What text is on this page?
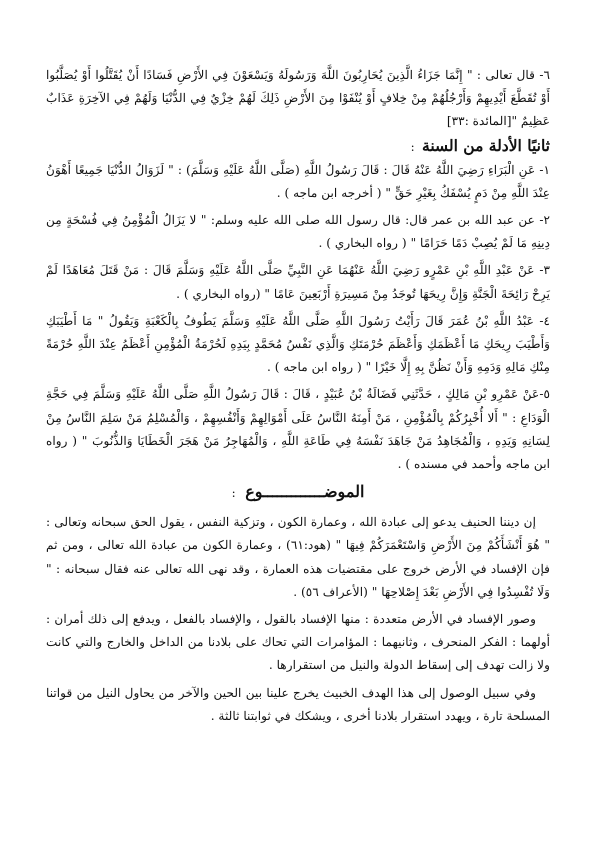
٦- قال تعالى : " إِنَّمَا جَزَاءُ الَّذِينَ يُحَارِبُونَ اللَّهَ وَرَسُولَهُ وَيَسْعَوْنَ فِي الأَرْضِ فَسَادًا أَنْ يُقَتَّلُوا أَوْ يُصَلَّبُوا أَوْ تُقَطَّعَ أَيْدِيهِمْ وَأَرْجُلُهُمْ مِنْ خِلافٍ أَوْ يُنْفَوْا مِنَ الأَرْضِ ذَلِكَ لَهُمْ خِزْيٌ فِي الدُّنْيَا وَلَهُمْ فِي الآخِرَةِ عَذَابٌ عَظِيمٌ "[المائدة :٣٣]

ثانيًا الأدلة من السنة :

١- عَنِ الْبَرَاءِ رَضِيَ اللَّهُ عَنْهُ قَالَ : قَالَ رَسُولُ اللَّهِ (صَلَّى اللَّهُ عَلَيْهِ وَسَلَّمَ) : " لَزَوَالُ الدُّنْيَا جَمِيعًا أَهْوَنُ عِنْدَ اللَّهِ مِنْ دَمٍ يُسْفَكُ بِغَيْرِ حَقٍّ " ( أخرجه ابن ماجه ) .

٢- عن عبد الله بن عمر قال: قال رسول الله صلى الله عليه وسلم: " لا يَزَالُ الْمُؤْمِنُ فِي فُسْحَةٍ مِن دِينِهِ مَا لَمْ يُصِبْ دَمًا حَرَامًا " ( رواه البخاري ) .

٣- عَنْ عَبْدِ اللَّهِ بْنِ عَمْرٍو رَضِيَ اللَّهُ عَنْهُمَا عَنِ النَّبِيِّ صَلَّى اللَّهُ عَلَيْهِ وَسَلَّمَ قَالَ : مَنْ قَتَلَ مُعَاهَدًا لَمْ يَرِحْ رَائِحَةَ الْجَنَّةِ وَإِنَّ رِيحَهَا تُوجَدُ مِنْ مَسِيرَةِ أَرْبَعِينَ عَامًا " (رواه البخاري ) .

٤- عَبْدُ اللَّهِ بْنُ عُمَرَ قَالَ رَأَيْتُ رَسُولَ اللَّهِ صَلَّى اللَّهُ عَلَيْهِ وَسَلَّمَ يَطُوفُ بِالْكَعْبَةِ وَيَقُولُ " مَا أَطْيَبَكِ وَأَطْيَبَ رِيحَكِ مَا أَعْظَمَكِ وَأَعْظَمَ حُرْمَتَكِ وَالَّذِي نَفْسُ مُحَمَّدٍ بِيَدِهِ لَحُرْمَةُ الْمُؤْمِنِ أَعْظَمُ عِنْدَ اللَّهِ حُرْمَةً مِنْكِ مَالِهِ وَدَمِهِ وَأَنْ نَظُنَّ بِهِ إِلَّا خَيْرًا " ( رواه ابن ماجه ) .

٥-عَنْ عَمْرِو بْنِ مَالِكٍ ، حَدَّثَنِي فَضَالَةُ بْنُ عُبَيْدٍ ، قَالَ : قَالَ رَسُولُ اللَّهِ صَلَّى اللَّهُ عَلَيْهِ وَسَلَّمَ فِي حَجَّةِ الْوَدَاعِ : " أَلا أُخْبِرُكُمْ بِالْمُؤْمِنِ ، مَنْ أَمِنَهُ النَّاسُ عَلَى أَمْوَالِهِمْ وَأَنْفُسِهِمْ ، وَالْمُسْلِمُ مَنْ سَلِمَ النَّاسُ مِنْ لِسَانِهِ وَيَدِهِ ، وَالْمُجَاهِدُ مَنْ جَاهَدَ نَفْسَهُ فِي طَاعَةِ اللَّهِ ، وَالْمُهَاجِرُ مَنْ هَجَرَ الْخَطَايَا وَالذُّنُوبَ " ( رواه ابن ماجه وأحمد في مسنده ) .

الموضـــــــــــــوع :

إن ديننا الحنيف يدعو إلى عبادة الله ، وعمارة الكون ، وتزكية النفس ، يقول الحق سبحانه وتعالى : " هُوَ أَنْشَأَكُمْ مِنَ الأَرْضِ وَاسْتَعْمَرَكُمْ فِيهَا " (هود:٦١) ، وعمارة الكون من عبادة الله تعالى ، ومن ثم فإن الإفساد في الأرض خروج على مقتضيات هذه العمارة ، وقد نهى الله تعالى عنه فقال سبحانه : " وَلَا تُفْسِدُوا فِي الأَرْضِ بَعْدَ إِصْلاحِهَا " (الأعراف ٥٦) .

وصور الإفساد في الأرض متعددة : منها الإفساد بالقول ، والإفساد بالفعل ، ويدفع إلى ذلك أمران : أولهما : الفكر المنحرف ، وثانيهما : المؤامرات التي تحاك على بلادنا من الداخل والخارج والتي كانت ولا زالت تهدف إلى إسقاط الدولة والنيل من استقرارها .

وفي سبيل الوصول إلى هذا الهدف الخبيث يخرج علينا بين الحين والآخر من يحاول النيل من قواتنا المسلحة تارة ، ويهدد استقرار بلادنا أخرى ، ويشكك في ثوابتنا ثالثة .
